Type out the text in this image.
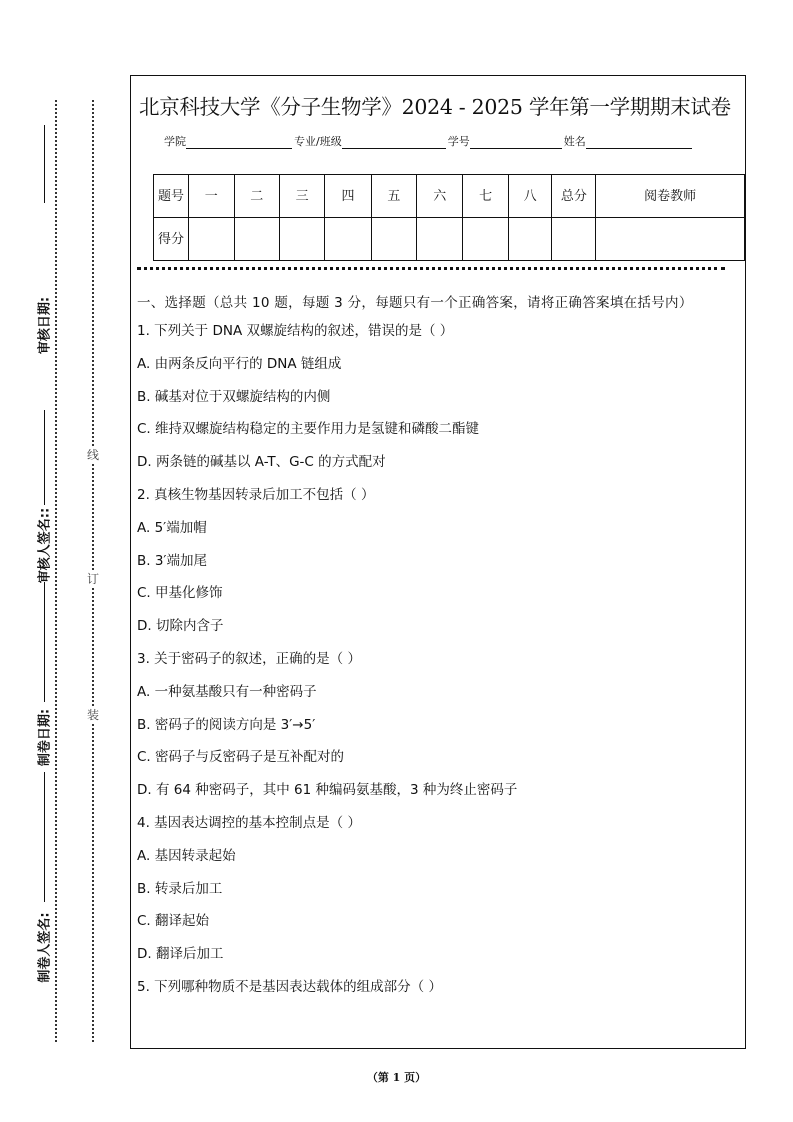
审核日期:
审核人签名::
制卷日期:
制卷人签名:
线
订
装
北京科技大学《分子生物学》2024 - 2025 学年第一学期期末试卷
学院	专业/班级	学号	姓名
题号	一	二	三	四	五	六	七	八	总分	阅卷教师
得分										
一、选择题（总共 10 题，每题 3 分，每题只有一个正确答案，请将正确答案填在括号内）
1. 下列关于 DNA 双螺旋结构的叙述，错误的是（ ）
A. 由两条反向平行的 DNA 链组成
B. 碱基对位于双螺旋结构的内侧
C. 维持双螺旋结构稳定的主要作用力是氢键和磷酸二酯键
D. 两条链的碱基以 A-T、G-C 的方式配对
2. 真核生物基因转录后加工不包括（ ）
A. 5′端加帽
B. 3′端加尾
C. 甲基化修饰
D. 切除内含子
3. 关于密码子的叙述，正确的是（ ）
A. 一种氨基酸只有一种密码子
B. 密码子的阅读方向是 3′→5′
C. 密码子与反密码子是互补配对的
D. 有 64 种密码子，其中 61 种编码氨基酸，3 种为终止密码子
4. 基因表达调控的基本控制点是（ ）
A. 基因转录起始
B. 转录后加工
C. 翻译起始
D. 翻译后加工
5. 下列哪种物质不是基因表达载体的组成部分（ ）
（第 1 页）
